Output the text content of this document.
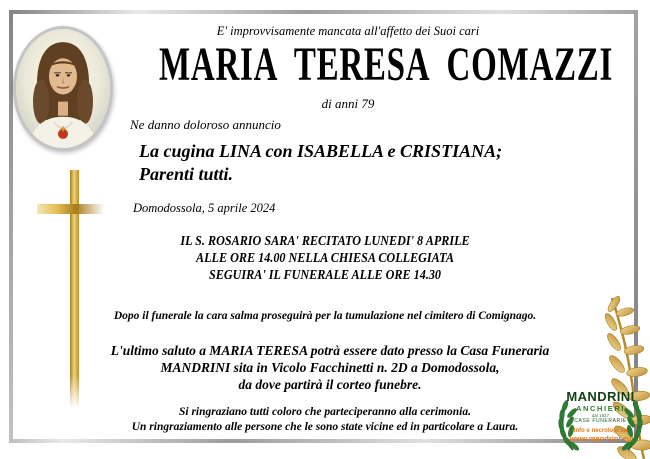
E' improvvisamente mancata all'affetto dei Suoi cari
MARIA TERESA COMAZZI
di anni 79
Ne danno doloroso annuncio
La cugina LINA con ISABELLA e CRISTIANA;
Parenti tutti.
Domodossola, 5 aprile 2024
IL S. ROSARIO SARA' RECITATO LUNEDI' 8 APRILE
ALLE ORE 14.00 NELLA CHIESA COLLEGIATA
SEGUIRA' IL FUNERALE ALLE ORE 14.30
Dopo il funerale la cara salma proseguirà per la tumulazione nel cimitero di Comignago.
L'ultimo saluto a MARIA TERESA potrà essere dato presso la Casa Funeraria
MANDRINI sita in Vicolo Facchinetti n. 2D a Domodossola,
da dove partirà il corteo funebre.
Si ringraziano tutti coloro che parteciperanno alla cerimonia.
Un ringraziamento alle persone che le sono state vicine ed in particolare a Laura.
MANDRINI
ANCHIERI
dal 1927
CASE FUNERARIE
Info e necrologi su
www.mandrini.eu
